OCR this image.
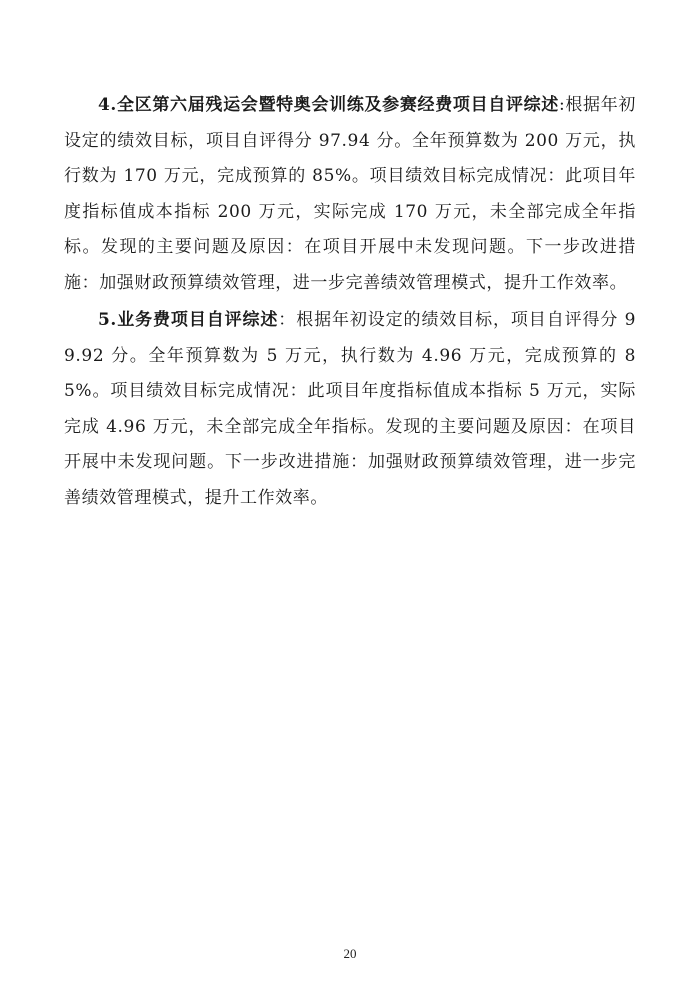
4.全区第六届残运会暨特奥会训练及参赛经费项目自评综述:根据年初设定的绩效目标，项目自评得分 97.94 分。全年预算数为 200 万元，执行数为 170 万元，完成预算的 85%。项目绩效目标完成情况：此项目年度指标值成本指标 200 万元，实际完成 170 万元，未全部完成全年指标。发现的主要问题及原因：在项目开展中未发现问题。下一步改进措施：加强财政预算绩效管理，进一步完善绩效管理模式，提升工作效率。

5.业务费项目自评综述：根据年初设定的绩效目标，项目自评得分 99.92 分。全年预算数为 5 万元，执行数为 4.96 万元，完成预算的 85%。项目绩效目标完成情况：此项目年度指标值成本指标 5 万元，实际完成 4.96 万元，未全部完成全年指标。发现的主要问题及原因：在项目开展中未发现问题。下一步改进措施：加强财政预算绩效管理，进一步完善绩效管理模式，提升工作效率。

20
